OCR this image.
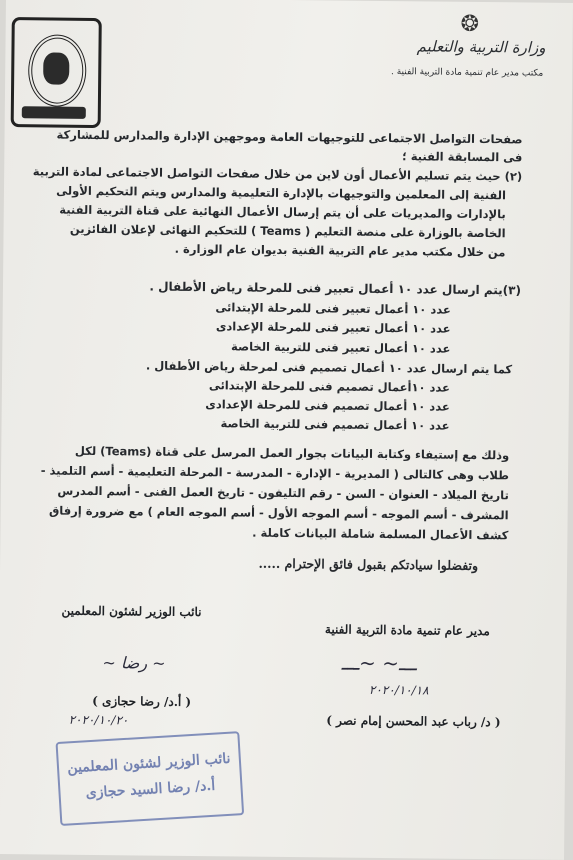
❂
وزارة التربية والتعليم
مكتب مدير عام تنمية مادة التربية الفنية .
صفحات التواصل الاجتماعى للتوجيهات العامة وموجهين الإدارة والمدارس للمشاركة
فى المسابقة الفنية ؛
(٢) حيث يتم تسليم الأعمال أون لاين من خلال صفحات التواصل الاجتماعى لمادة التربية
الفنية إلى المعلمين والتوجيهات بالإدارة التعليمية والمدارس ويتم التحكيم الأولى
بالإدارات والمديريات على أن يتم إرسال الأعمال النهائية على قناة التربية الفنية
الخاصة بالوزارة على منصة التعليم ( Teams ) للتحكيم النهائى لإعلان الفائزين
من خلال مكتب مدير عام التربية الفنية بديوان عام الوزارة .
(٣)يتم ارسال عدد ١٠ أعمال تعبير فنى للمرحلة رياض الأطفال .
عدد ١٠ أعمال تعبير فنى للمرحلة الإبتدائى
عدد ١٠ أعمال تعبير فنى للمرحلة الإعدادى
عدد ١٠ أعمال تعبير فنى للتربية الخاصة
كما يتم ارسال عدد ١٠ أعمال تصميم فنى لمرحلة رياض الأطفال .
عدد ١٠أعمال تصميم فنى للمرحلة الإبتدائى
عدد ١٠ أعمال تصميم فنى للمرحلة الإعدادى
عدد ١٠ أعمال تصميم فنى للتربية الخاصة
وذلك مع إستيفاء وكتابة البيانات بجوار العمل المرسل على قناة (Teams) لكل
طلاب وهى كالتالى ( المديرية - الإدارة - المدرسة - المرحلة التعليمية - أسم التلميذ -
تاريخ الميلاد - العنوان - السن - رقم التليفون - تاريخ العمل الفنى - أسم المدرس
المشرف - أسم الموجه - أسم الموجه الأول - أسم الموجه العام ) مع ضرورة إرفاق
كشف الأعمال المسلمة شاملة البيانات كاملة .
وتفضلوا سيادتكم بقبول فائق الإحترام .....
نائب الوزير لشئون المعلمين
مدير عام تنمية مادة التربية الفنية
~ رضا ~	ـــ~ ~ـــ
٢٠٢٠/١٠/١٨
( أ.د/ رضا حجازى )
( د/ رباب عبد المحسن إمام نصر )
٢٠٢٠/١٠/٢٠
نائب الوزير لشئون المعلمين
أ.د/ رضا السيد حجازى
